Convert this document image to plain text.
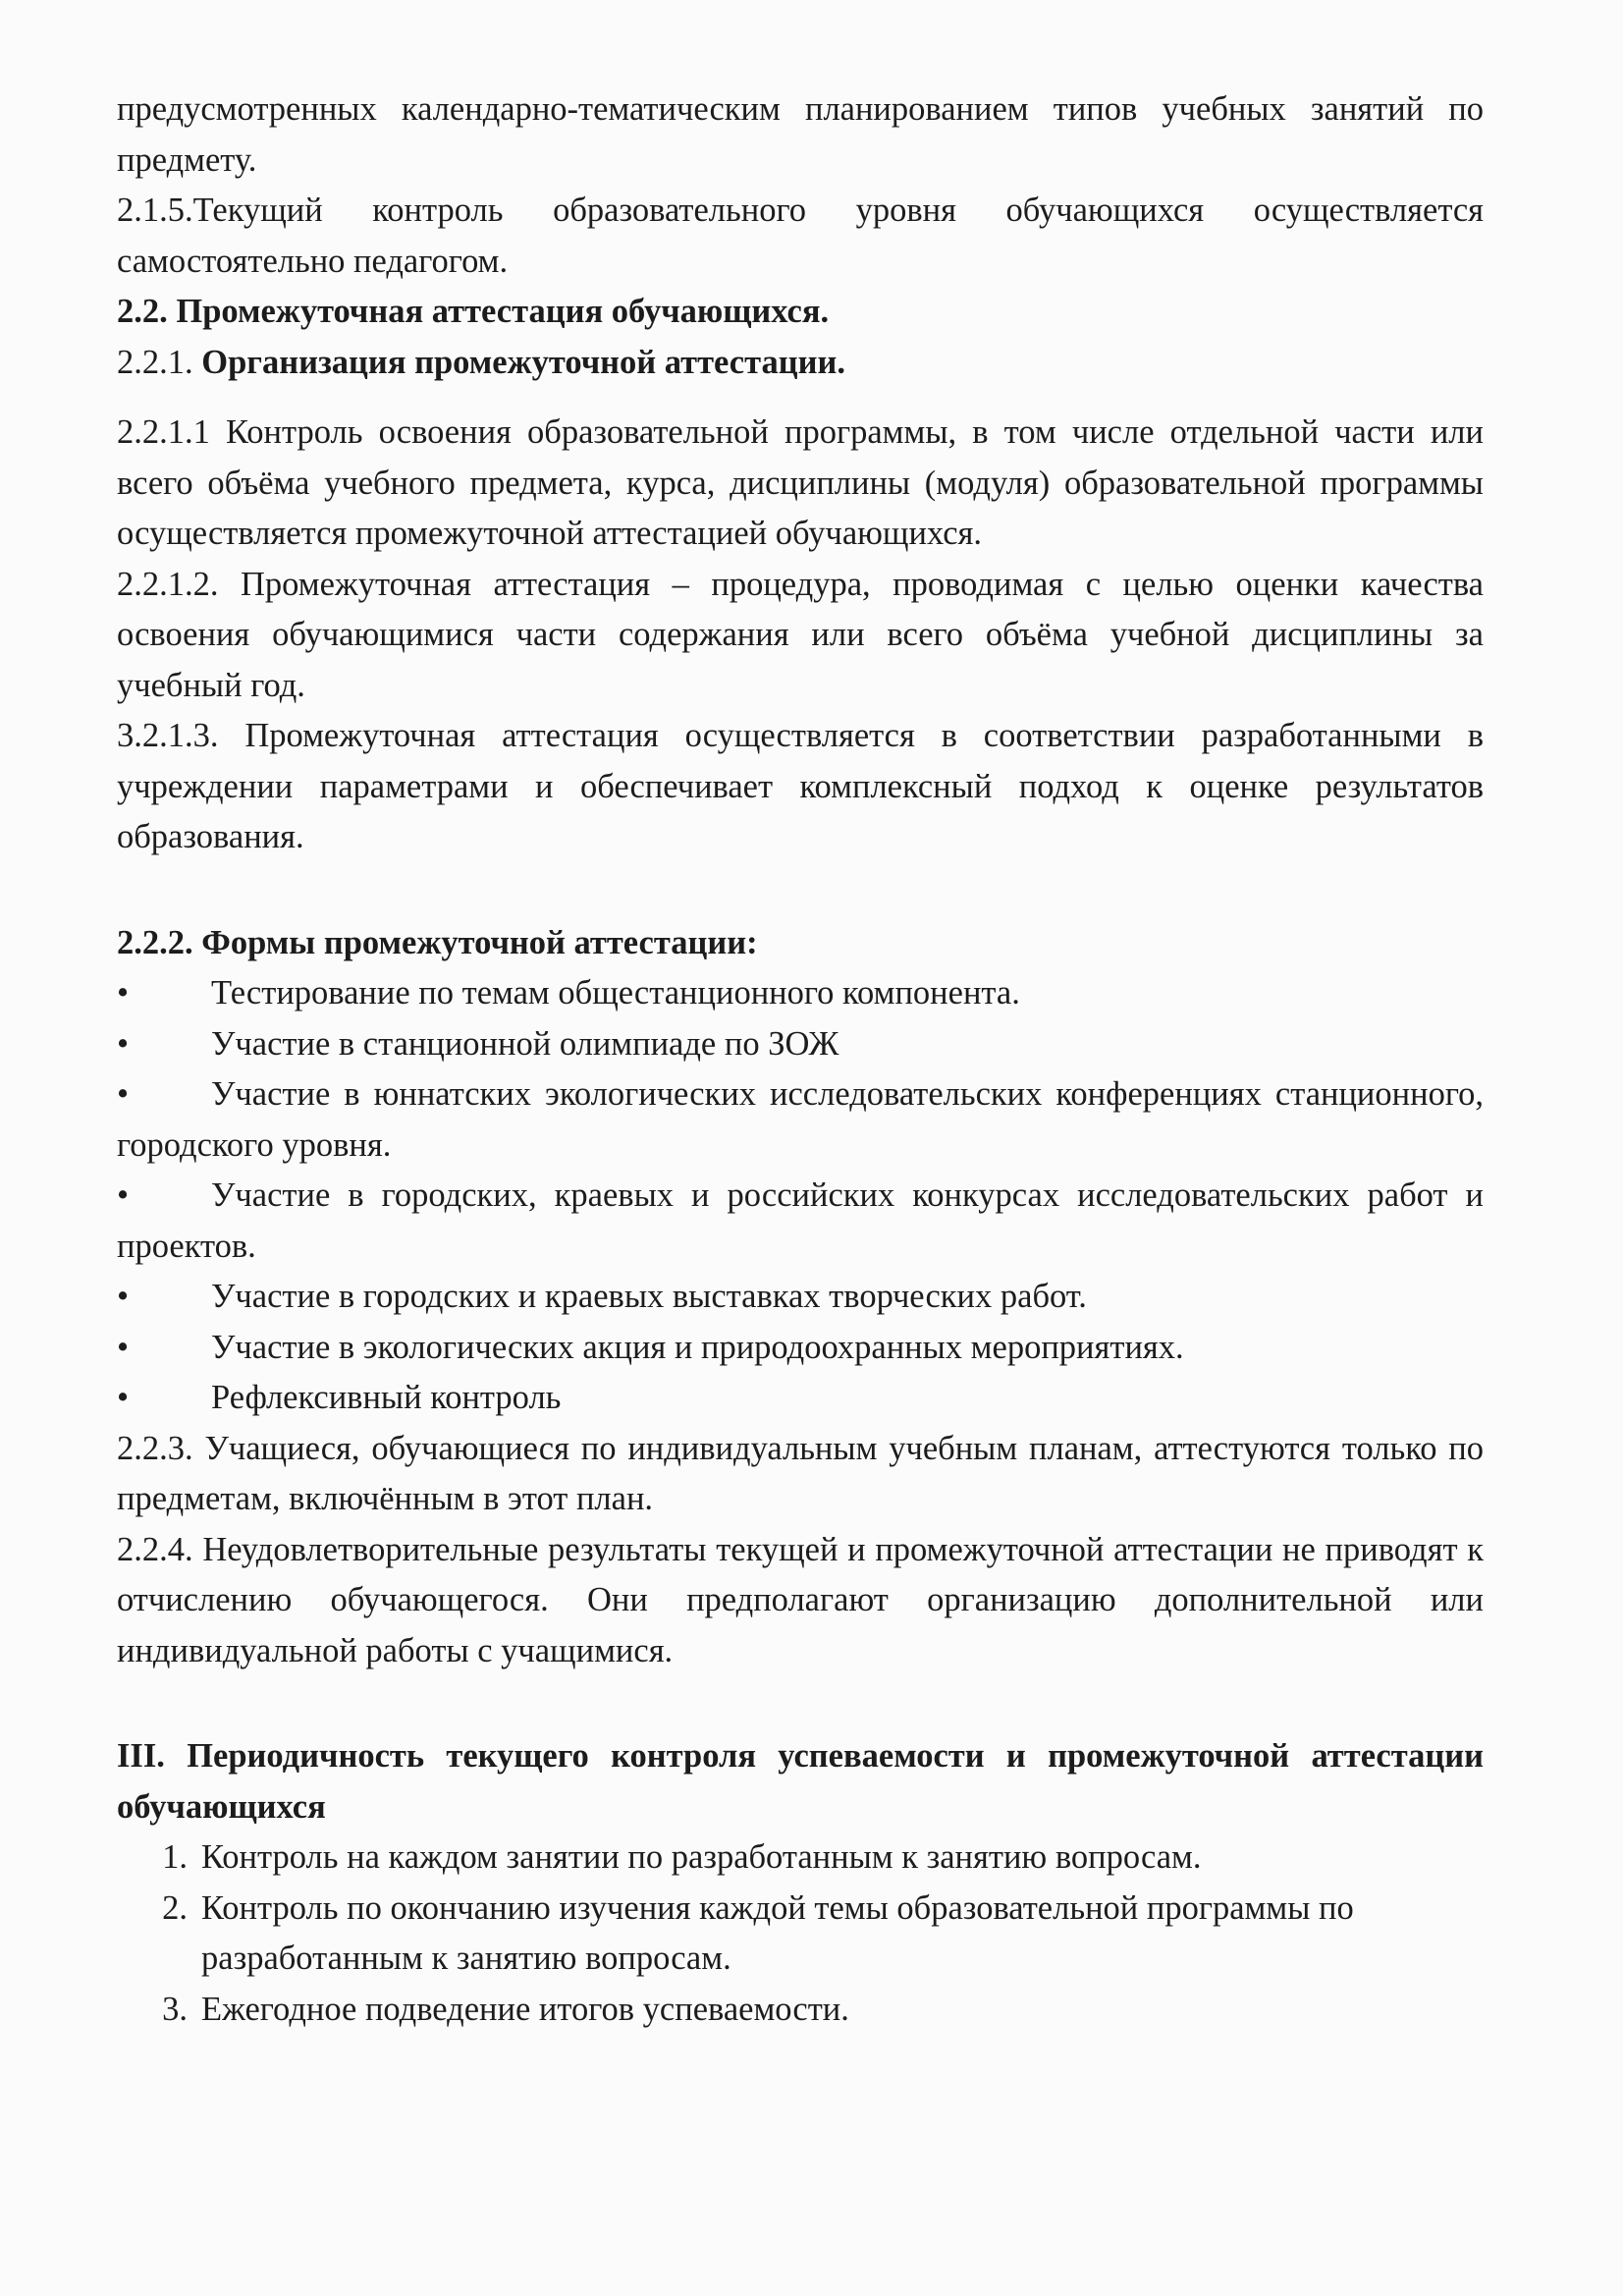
предусмотренных календарно-тематическим планированием типов учебных занятий по предмету.

2.1.5.Текущий контроль образовательного уровня обучающихся осуществляется самостоятельно педагогом.

2.2. Промежуточная аттестация обучающихся.

2.2.1. Организация промежуточной аттестации.

2.2.1.1 Контроль освоения образовательной программы, в том числе отдельной части или всего объёма учебного предмета, курса, дисциплины (модуля) образовательной программы осуществляется промежуточной аттестацией обучающихся.

2.2.1.2. Промежуточная аттестация – процедура, проводимая с целью оценки качества освоения обучающимися части содержания или всего объёма учебной дисциплины за учебный год.

3.2.1.3. Промежуточная аттестация осуществляется в соответствии разработанными в учреждении параметрами и обеспечивает комплексный подход к оценке результатов образования.

2.2.2. Формы промежуточной аттестации:

• Тестирование по темам общестанционного компонента.

• Участие в станционной олимпиаде по ЗОЖ

• Участие в юннатских экологических исследовательских конференциях станционного, городского уровня.

• Участие в городских, краевых и российских конкурсах исследовательских работ и проектов.

• Участие в городских и краевых выставках творческих работ.

• Участие в экологических акция и природоохранных мероприятиях.

• Рефлексивный контроль

2.2.3. Учащиеся, обучающиеся по индивидуальным учебным планам, аттестуются только по предметам, включённым в этот план.

2.2.4. Неудовлетворительные результаты текущей и промежуточной аттестации не приводят к отчислению обучающегося. Они предполагают организацию дополнительной или индивидуальной работы с учащимися.

III. Периодичность текущего контроля успеваемости и промежуточной аттестации обучающихся

1. Контроль на каждом занятии по разработанным к занятию вопросам.
2. Контроль по окончанию изучения каждой темы образовательной программы по разработанным к занятию вопросам.
3. Ежегодное подведение итогов успеваемости.
